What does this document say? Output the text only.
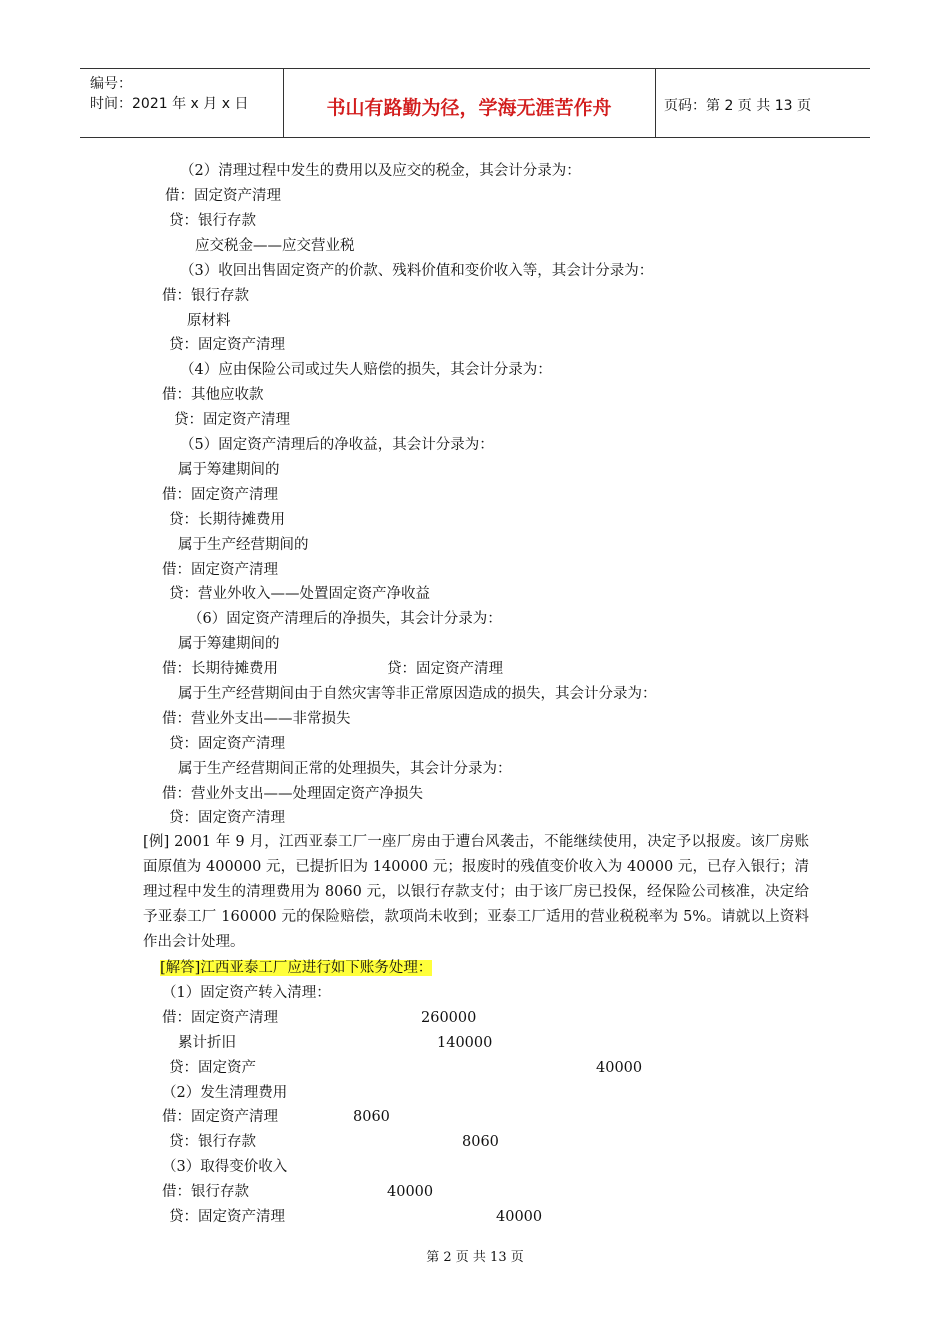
编号：
时间：2021 年 x 月 x 日	书山有路勤为径，学海无涯苦作舟	页码：第 2 页 共 13 页
（2）清理过程中发生的费用以及应交的税金，其会计分录为：
借：固定资产清理
贷：银行存款
应交税金——应交营业税
（3）收回出售固定资产的价款、残料价值和变价收入等，其会计分录为：
借：银行存款
原材料
贷：固定资产清理
（4）应由保险公司或过失人赔偿的损失，其会计分录为：
借：其他应收款
贷：固定资产清理
（5）固定资产清理后的净收益，其会计分录为：
属于筹建期间的
借：固定资产清理
贷：长期待摊费用
属于生产经营期间的
借：固定资产清理
贷：营业外收入——处置固定资产净收益
（6）固定资产清理后的净损失，其会计分录为：
属于筹建期间的
借：长期待摊费用	贷：固定资产清理
属于生产经营期间由于自然灾害等非正常原因造成的损失，其会计分录为：
借：营业外支出——非常损失
贷：固定资产清理
属于生产经营期间正常的处理损失，其会计分录为：
借：营业外支出——处理固定资产净损失
贷：固定资产清理
[例] 2001 年 9 月，江西亚泰工厂一座厂房由于遭台风袭击，不能继续使用，决定予以报废。该厂房账面原值为 400000 元，已提折旧为 140000 元；报废时的残值变价收入为 40000 元，已存入银行；清理过程中发生的清理费用为 8060 元，以银行存款支付；由于该厂房已投保，经保险公司核准，决定给予亚泰工厂 160000 元的保险赔偿，款项尚未收到；亚泰工厂适用的营业税税率为 5%。请就以上资料作出会计处理。
[解答]江西亚泰工厂应进行如下账务处理：
（1）固定资产转入清理：
借：固定资产清理	260000
累计折旧	140000
贷：固定资产	40000
（2）发生清理费用
借：固定资产清理	8060
贷：银行存款	8060
（3）取得变价收入
借：银行存款	40000
贷：固定资产清理	40000
第 2 页 共 13 页
